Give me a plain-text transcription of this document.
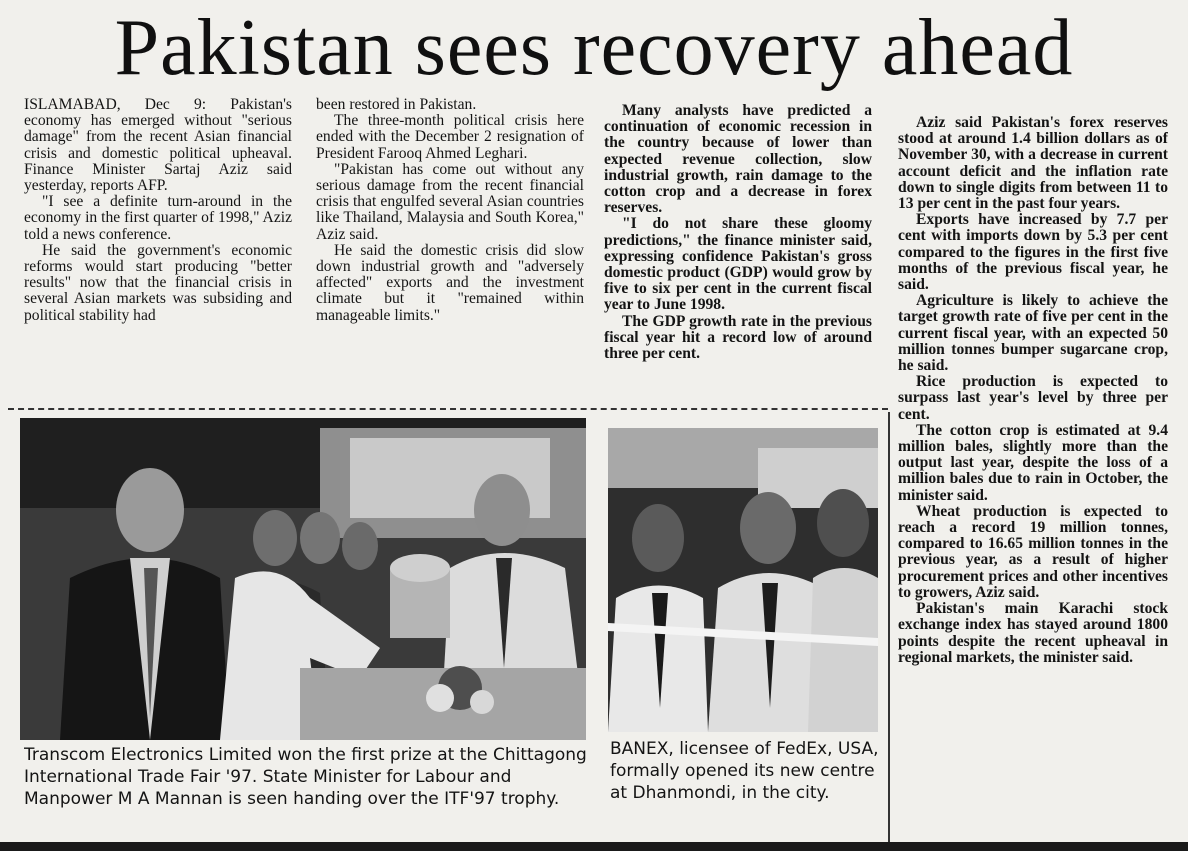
Pakistan sees recovery ahead

ISLAMABAD, Dec 9: Pakistan's economy has emerged without "serious damage" from the recent Asian financial crisis and domestic political upheaval. Finance Minister Sartaj Aziz said yesterday, reports AFP.

"I see a definite turn-around in the economy in the first quarter of 1998," Aziz told a news conference.

He said the government's economic reforms would start producing "better results" now that the financial crisis in several Asian markets was subsiding and political stability had

been restored in Pakistan.

The three-month political crisis here ended with the December 2 resignation of President Farooq Ahmed Leghari.

"Pakistan has come out without any serious damage from the recent financial crisis that engulfed several Asian countries like Thailand, Malaysia and South Korea," Aziz said.

He said the domestic crisis did slow down industrial growth and "adversely affected" exports and the investment climate but it "remained within manageable limits."

Many analysts have predicted a continuation of economic recession in the country because of lower than expected revenue collection, slow industrial growth, rain damage to the cotton crop and a decrease in forex reserves.

"I do not share these gloomy predictions," the finance minister said, expressing confidence Pakistan's gross domestic product (GDP) would grow by five to six per cent in the current fiscal year to June 1998.

The GDP growth rate in the previous fiscal year hit a record low of around three per cent.

Aziz said Pakistan's forex reserves stood at around 1.4 billion dollars as of November 30, with a decrease in current account deficit and the inflation rate down to single digits from between 11 to 13 per cent in the past four years.

Exports have increased by 7.7 per cent with imports down by 5.3 per cent compared to the figures in the first five months of the previous fiscal year, he said.

Agriculture is likely to achieve the target growth rate of five per cent in the current fiscal year, with an expected 50 million tonnes bumper sugarcane crop, he said.

Rice production is expected to surpass last year's level by three per cent.

The cotton crop is estimated at 9.4 million bales, slightly more than the output last year, despite the loss of a million bales due to rain in October, the minister said.

Wheat production is expected to reach a record 19 million tonnes, compared to 16.65 million tonnes in the previous year, as a result of higher procurement prices and other incentives to growers, Aziz said.

Pakistan's main Karachi stock exchange index has stayed around 1800 points despite the recent upheaval in regional markets, the minister said.

Transcom Electronics Limited won the first prize at the Chittagong International Trade Fair '97. State Minister for Labour and Manpower M A Mannan is seen handing over the ITF'97 trophy.
BANEX, licensee of FedEx, USA, formally opened its new centre at Dhanmondi, in the city.
